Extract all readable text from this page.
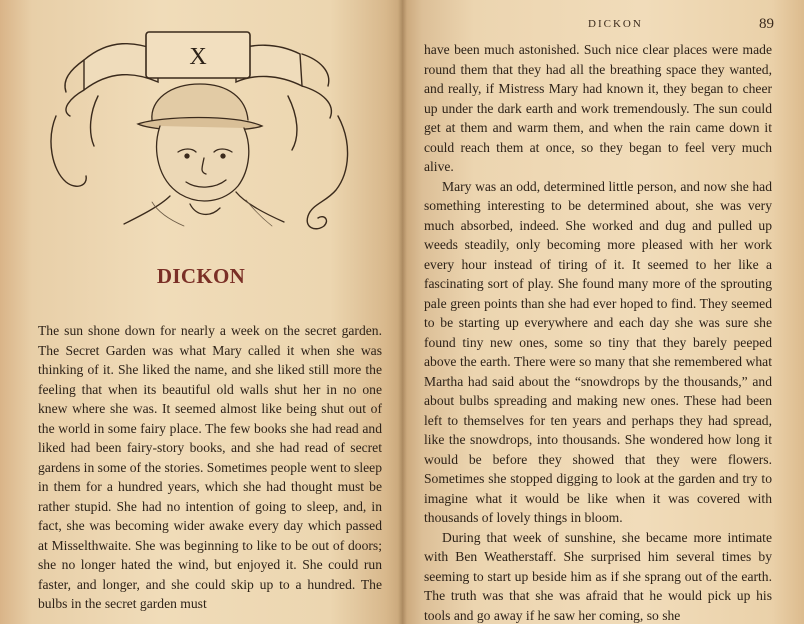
X
DICKON

The sun shone down for nearly a week on the secret garden. The Secret Garden was what Mary called it when she was thinking of it. She liked the name, and she liked still more the feeling that when its beautiful old walls shut her in no one knew where she was. It seemed almost like being shut out of the world in some fairy place. The few books she had read and liked had been fairy-story books, and she had read of secret gardens in some of the stories. Sometimes people went to sleep in them for a hundred years, which she had thought must be rather stupid. She had no intention of going to sleep, and, in fact, she was becoming wider awake every day which passed at Misselthwaite. She was beginning to like to be out of doors; she no longer hated the wind, but enjoyed it. She could run faster, and longer, and she could skip up to a hundred. The bulbs in the secret garden must

DICKON	89

have been much astonished. Such nice clear places were made round them that they had all the breathing space they wanted, and really, if Mistress Mary had known it, they began to cheer up under the dark earth and work tremendously. The sun could get at them and warm them, and when the rain came down it could reach them at once, so they began to feel very much alive.

Mary was an odd, determined little person, and now she had something interesting to be determined about, she was very much absorbed, indeed. She worked and dug and pulled up weeds steadily, only becoming more pleased with her work every hour instead of tiring of it. It seemed to her like a fascinating sort of play. She found many more of the sprouting pale green points than she had ever hoped to find. They seemed to be starting up everywhere and each day she was sure she found tiny new ones, some so tiny that they barely peeped above the earth. There were so many that she remembered what Martha had said about the “snowdrops by the thousands,” and about bulbs spreading and making new ones. These had been left to themselves for ten years and perhaps they had spread, like the snowdrops, into thousands. She wondered how long it would be before they showed that they were flowers. Sometimes she stopped digging to look at the garden and try to imagine what it would be like when it was covered with thousands of lovely things in bloom.

During that week of sunshine, she became more intimate with Ben Weatherstaff. She surprised him several times by seeming to start up beside him as if she sprang out of the earth. The truth was that she was afraid that he would pick up his tools and go away if he saw her coming, so she
